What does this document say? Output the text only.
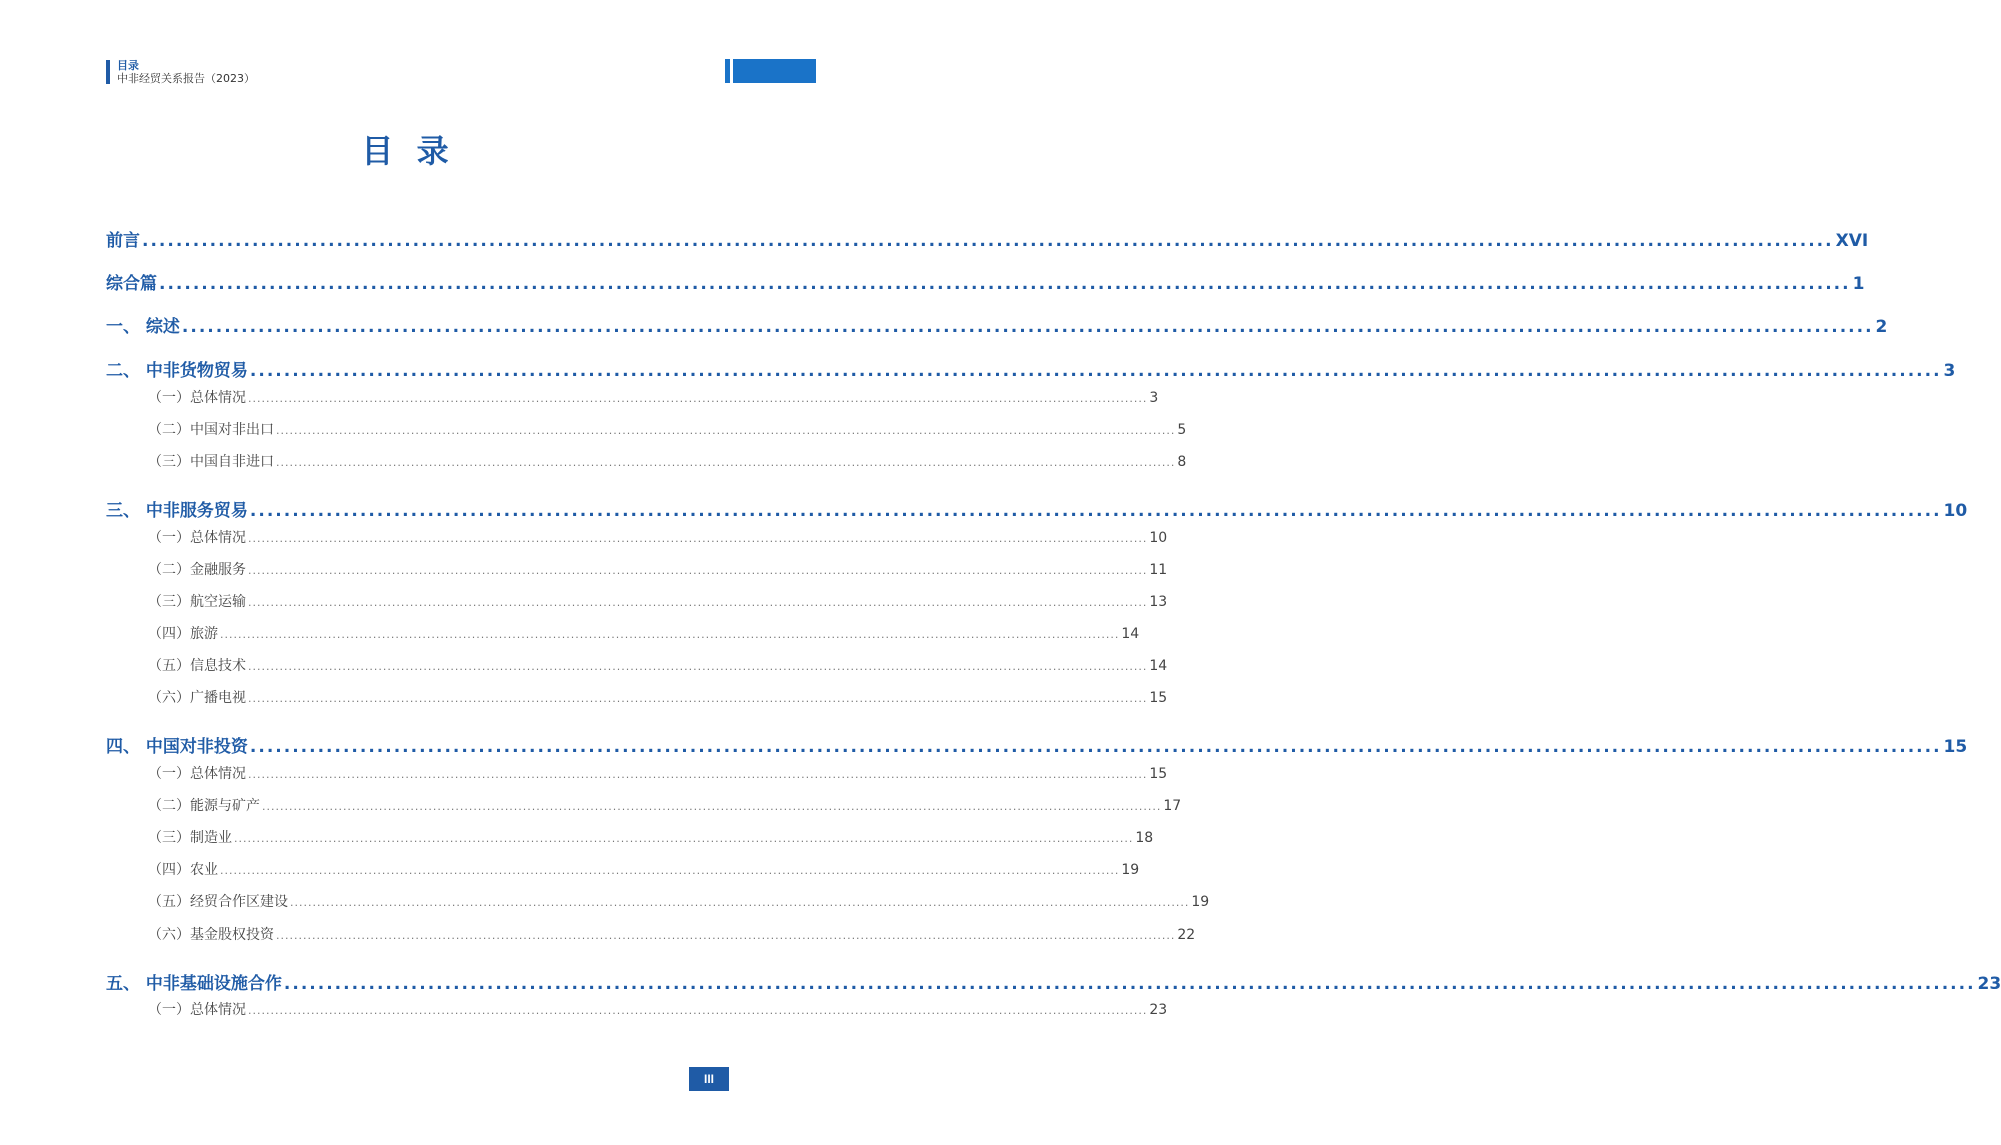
目录
中非经贸关系报告（2023）
目 录
前言 ........................................................................................................................................................................................................ XVI
综合篇 ........................................................................................................................................................................................................ 1
一、 综述 ........................................................................................................................................................................................................ 2
二、 中非货物贸易 ........................................................................................................................................................................................................ 3
（一）总体情况 ........................................................................................................................................................................................................ 3
（二）中国对非出口 ........................................................................................................................................................................................................ 5
（三）中国自非进口 ........................................................................................................................................................................................................ 8
三、 中非服务贸易 ........................................................................................................................................................................................................ 10
（一）总体情况 ........................................................................................................................................................................................................ 10
（二）金融服务 ........................................................................................................................................................................................................ 11
（三）航空运输 ........................................................................................................................................................................................................ 13
（四）旅游 ........................................................................................................................................................................................................ 14
（五）信息技术 ........................................................................................................................................................................................................ 14
（六）广播电视 ........................................................................................................................................................................................................ 15
四、 中国对非投资 ........................................................................................................................................................................................................ 15
（一）总体情况 ........................................................................................................................................................................................................ 15
（二）能源与矿产 ........................................................................................................................................................................................................ 17
（三）制造业 ........................................................................................................................................................................................................ 18
（四）农业 ........................................................................................................................................................................................................ 19
（五）经贸合作区建设 ........................................................................................................................................................................................................ 19
（六）基金股权投资 ........................................................................................................................................................................................................ 22
五、 中非基础设施合作 ........................................................................................................................................................................................................ 23
（一）总体情况 ........................................................................................................................................................................................................ 23
III
